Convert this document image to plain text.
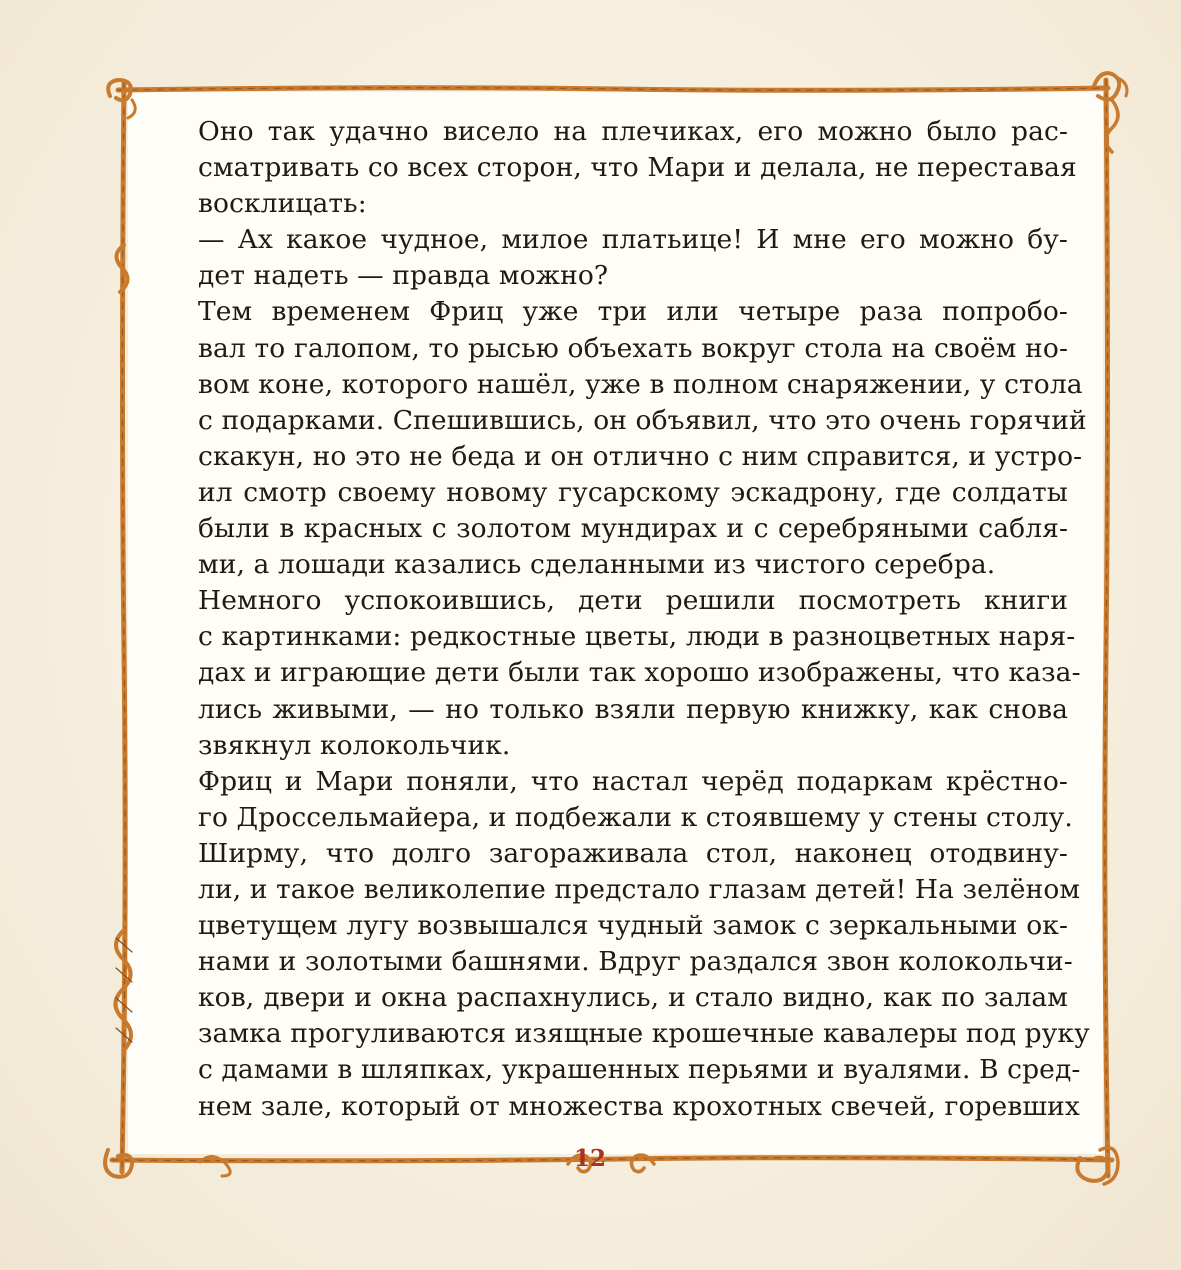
Оно так удачно висело на плечиках, его можно было рас-
сматривать со всех сторон, что Мари и делала, не переставая
восклицать:

— Ах какое чудное, милое платьице! И мне его можно бу-
дет надеть — правда можно?

Тем временем Фриц уже три или четыре раза попробо-
вал то галопом, то рысью объехать вокруг стола на своём но-
вом коне, которого нашёл, уже в полном снаряжении, у стола
с подарками. Спешившись, он объявил, что это очень горячий
скакун, но это не беда и он отлично с ним справится, и устро-
ил смотр своему новому гусарскому эскадрону, где солдаты
были в красных с золотом мундирах и с серебряными сабля-
ми, а лошади казались сделанными из чистого серебра.

Немного успокоившись, дети решили посмотреть книги
с картинками: редкостные цветы, люди в разноцветных наря-
дах и играющие дети были так хорошо изображены, что каза-
лись живыми, — но только взяли первую книжку, как снова
звякнул колокольчик.

Фриц и Мари поняли, что настал черёд подаркам крёстно-
го Дроссельмайера, и подбежали к стоявшему у стены столу.

Ширму, что долго загораживала стол, наконец отодвину-
ли, и такое великолепие предстало глазам детей! На зелёном
цветущем лугу возвышался чудный замок с зеркальными ок-
нами и золотыми башнями. Вдруг раздался звон колокольчи-
ков, двери и окна распахнулись, и стало видно, как по залам
замка прогуливаются изящные крошечные кавалеры под руку
с дамами в шляпках, украшенных перьями и вуалями. В сред-
нем зале, который от множества крохотных свечей, горевших

12
